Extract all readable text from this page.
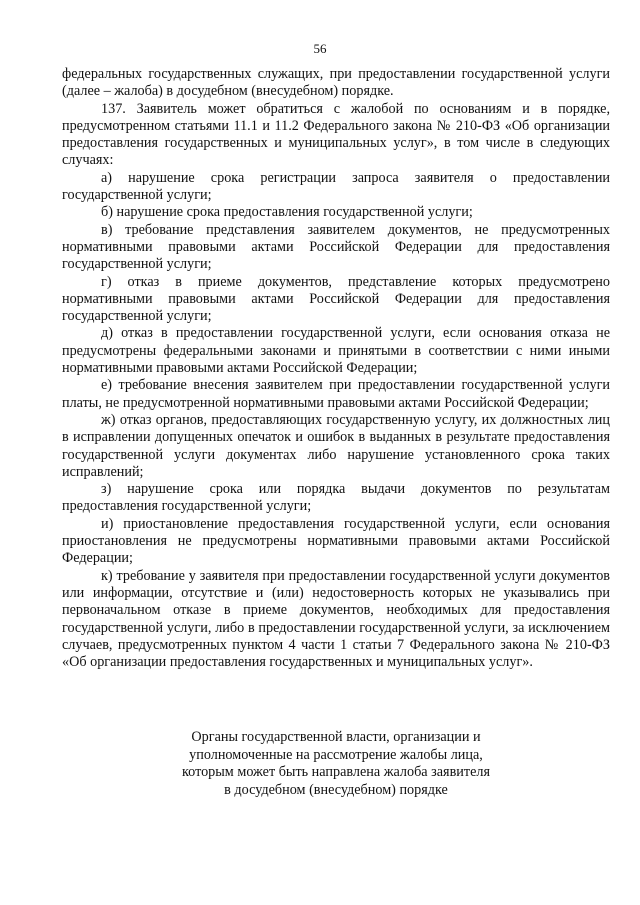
56

федеральных государственных служащих, при предоставлении государственной услуги (далее – жалоба) в досудебном (внесудебном) порядке.

137. Заявитель может обратиться с жалобой по основаниям и в порядке, предусмотренном статьями 11.1 и 11.2 Федерального закона № 210-ФЗ «Об организации предоставления государственных и муниципальных услуг», в том числе в следующих случаях:

а) нарушение срока регистрации запроса заявителя о предоставлении государственной услуги;

б) нарушение срока предоставления государственной услуги;

в) требование представления заявителем документов, не предусмотренных нормативными правовыми актами Российской Федерации для предоставления государственной услуги;

г) отказ в приеме документов, представление которых предусмотрено нормативными правовыми актами Российской Федерации для предоставления государственной услуги;

д) отказ в предоставлении государственной услуги, если основания отказа не предусмотрены федеральными законами и принятыми в соответствии с ними иными нормативными правовыми актами Российской Федерации;

е) требование внесения заявителем при предоставлении государственной услуги платы, не предусмотренной нормативными правовыми актами Российской Федерации;

ж) отказ органов, предоставляющих государственную услугу, их должностных лиц в исправлении допущенных опечаток и ошибок в выданных в результате предоставления государственной услуги документах либо нарушение установленного срока таких исправлений;

з) нарушение срока или порядка выдачи документов по результатам предоставления государственной услуги;

и) приостановление предоставления государственной услуги, если основания приостановления не предусмотрены нормативными правовыми актами Российской Федерации;

к) требование у заявителя при предоставлении государственной услуги документов или информации, отсутствие и (или) недостоверность которых не указывались при первоначальном отказе в приеме документов, необходимых для предоставления государственной услуги, либо в предоставлении государственной услуги, за исключением случаев, предусмотренных пунктом 4 части 1 статьи 7 Федерального закона № 210-ФЗ «Об организации предоставления государственных и муниципальных услуг».

Органы государственной власти, организации и
уполномоченные на рассмотрение жалобы лица,
которым может быть направлена жалоба заявителя
в досудебном (внесудебном) порядке
